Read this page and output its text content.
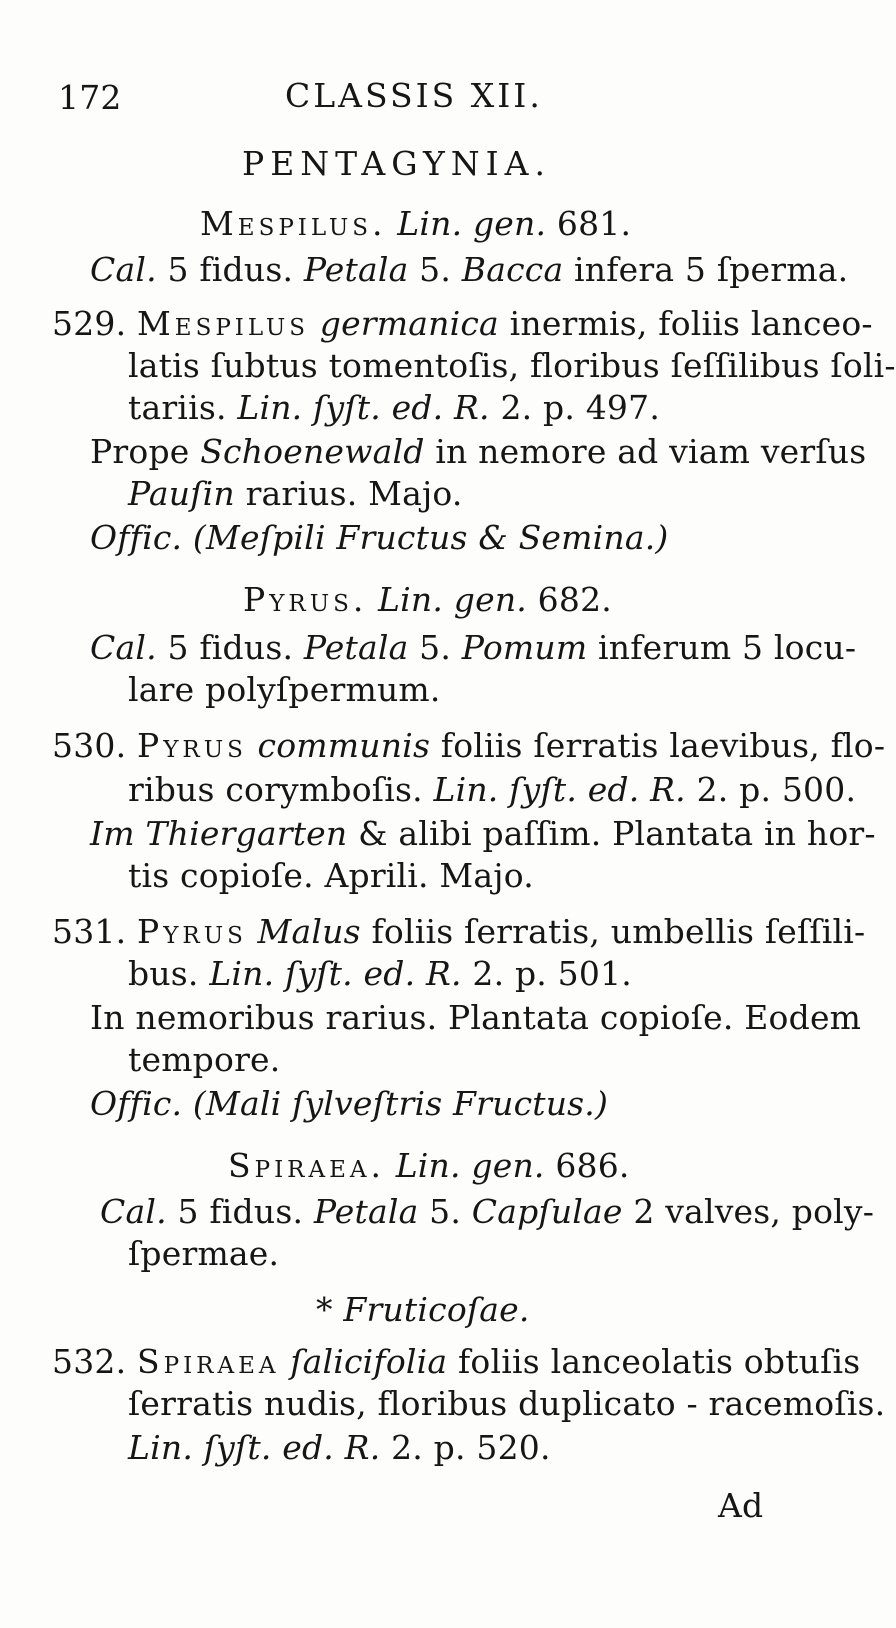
172	CLASSIS XII.
PENTAGYNIA.
Mespilus. Lin. gen. 681.
Cal. 5 fidus. Petala 5. Bacca infera 5 ſperma.
529. Mespilus germanica inermis, foliis lanceo-
latis ſubtus tomentoſis, floribus ſeſſilibus ſoli-
tariis. Lin. ſyſt. ed. R. 2. p. 497.
Prope Schoenewald in nemore ad viam verſus
Pauſin rarius. Majo.
Offic. (Meſpili Fructus & Semina.)
Pyrus. Lin. gen. 682.
Cal. 5 fidus. Petala 5. Pomum inferum 5 locu-
lare polyſpermum.
530. Pyrus communis foliis ſerratis laevibus, flo-
ribus corymboſis. Lin. ſyſt. ed. R. 2. p. 500.
Im Thiergarten & alibi paſſim. Plantata in hor-
tis copioſe. Aprili. Majo.
531. Pyrus Malus foliis ſerratis, umbellis ſeſſili-
bus. Lin. ſyſt. ed. R. 2. p. 501.
In nemoribus rarius. Plantata copioſe. Eodem
tempore.
Offic. (Mali ſylveſtris Fructus.)
Spiraea. Lin. gen. 686.
Cal. 5 fidus. Petala 5. Capſulae 2 valves, poly-
ſpermae.
* Fruticoſae.
532. Spiraea ſalicifolia foliis lanceolatis obtuſis
ſerratis nudis, floribus duplicato - racemoſis.
Lin. ſyſt. ed. R. 2. p. 520.
Ad
